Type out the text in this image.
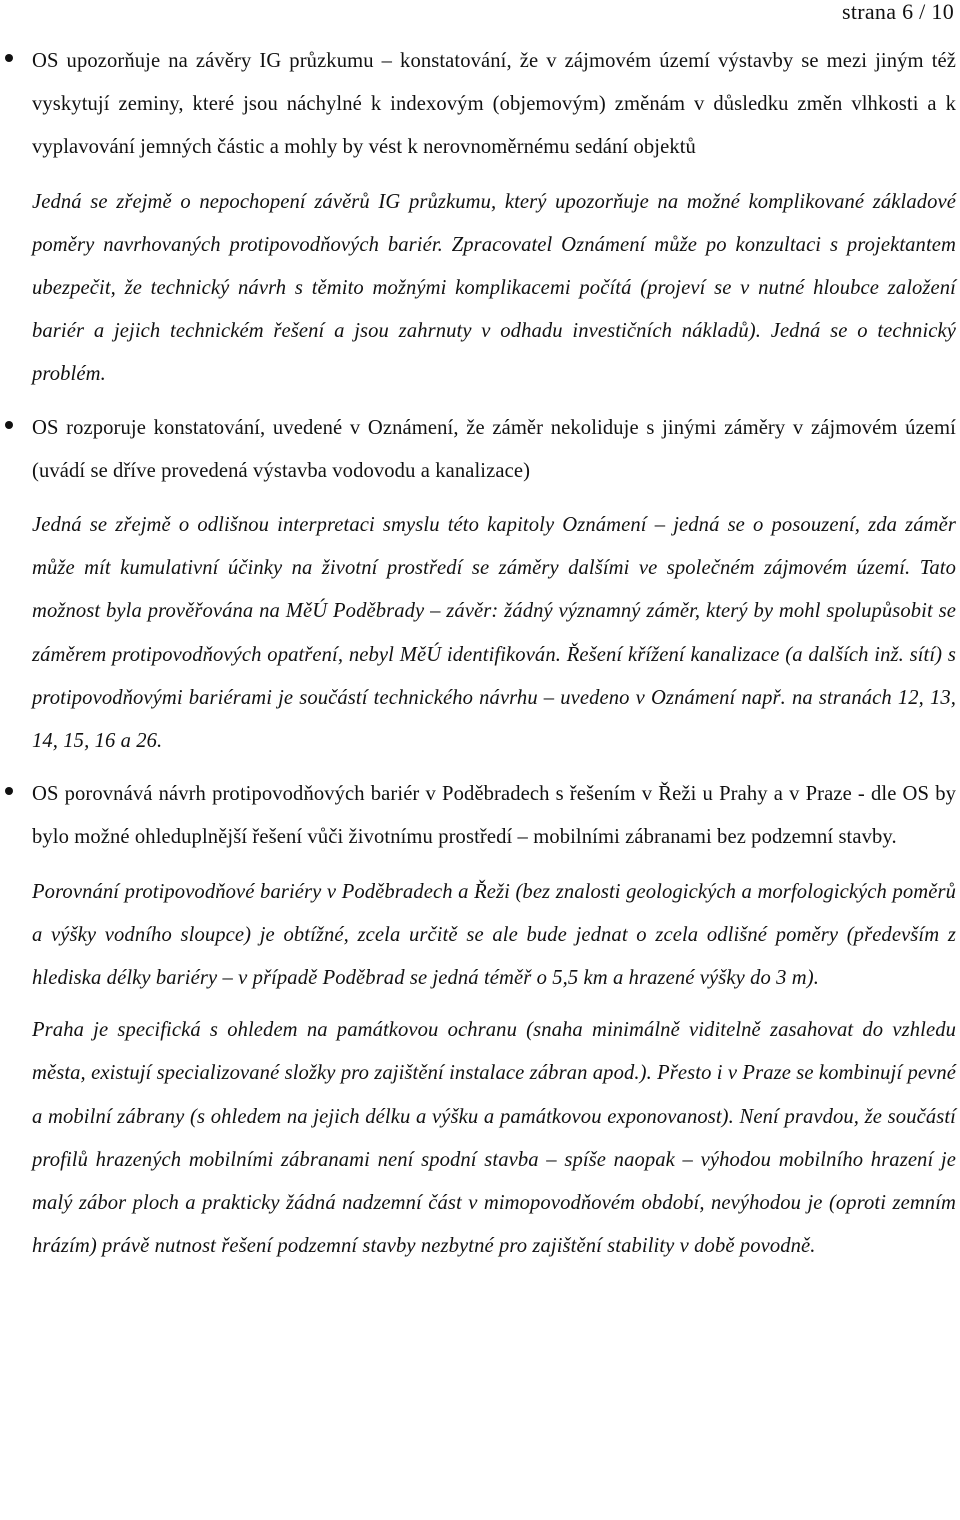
strana 6 / 10

OS upozorňuje na závěry IG průzkumu – konstatování, že v zájmovém území výstavby se mezi jiným též vyskytují zeminy, které jsou náchylné k indexovým (objemovým) změnám v důsledku změn vlhkosti a k vyplavování jemných částic a mohly by vést k nerovnoměrnému sedání objektů

Jedná se zřejmě o nepochopení závěrů IG průzkumu, který upozorňuje na možné komplikované základové poměry navrhovaných protipovodňových bariér. Zpracovatel Oznámení může po konzultaci s projektantem ubezpečit, že technický návrh s těmito možnými komplikacemi počítá (projeví se v nutné hloubce založení bariér a jejich technickém řešení a jsou zahrnuty v odhadu investičních nákladů). Jedná se o technický problém.

OS rozporuje konstatování, uvedené v Oznámení, že záměr nekoliduje s jinými záměry v zájmovém území (uvádí se dříve provedená výstavba vodovodu a kanalizace)

Jedná se zřejmě o odlišnou interpretaci smyslu této kapitoly Oznámení – jedná se o posouzení, zda záměr může mít kumulativní účinky na životní prostředí se záměry dalšími ve společném zájmovém území. Tato možnost byla prověřována na MěÚ Poděbrady – závěr: žádný významný záměr, který by mohl spolupůsobit se záměrem protipovodňových opatření, nebyl MěÚ identifikován. Řešení křížení kanalizace (a dalších inž. sítí) s protipovodňovými bariérami je součástí technického návrhu – uvedeno v Oznámení např. na stranách 12, 13, 14, 15, 16 a 26.

OS porovnává návrh protipovodňových bariér v Poděbradech s řešením v Řeži u Prahy a v Praze - dle OS by bylo možné ohleduplnější řešení vůči životnímu prostředí – mobilními zábranami bez podzemní stavby.

Porovnání protipovodňové bariéry v Poděbradech a Řeži (bez znalosti geologických a morfologických poměrů a výšky vodního sloupce) je obtížné, zcela určitě se ale bude jednat o zcela odlišné poměry (především z hlediska délky bariéry – v případě Poděbrad se jedná téměř o 5,5 km a hrazené výšky do 3 m).

Praha je specifická s ohledem na památkovou ochranu (snaha minimálně viditelně zasahovat do vzhledu města, existují specializované složky pro zajištění instalace zábran apod.). Přesto i v Praze se kombinují pevné a mobilní zábrany (s ohledem na jejich délku a výšku a památkovou exponovanost). Není pravdou, že součástí profilů hrazených mobilními zábranami není spodní stavba – spíše naopak – výhodou mobilního hrazení je malý zábor ploch a prakticky žádná nadzemní část v mimopovodňovém období, nevýhodou je (oproti zemním hrázím) právě nutnost řešení podzemní stavby nezbytné pro zajištění stability v době povodně.
